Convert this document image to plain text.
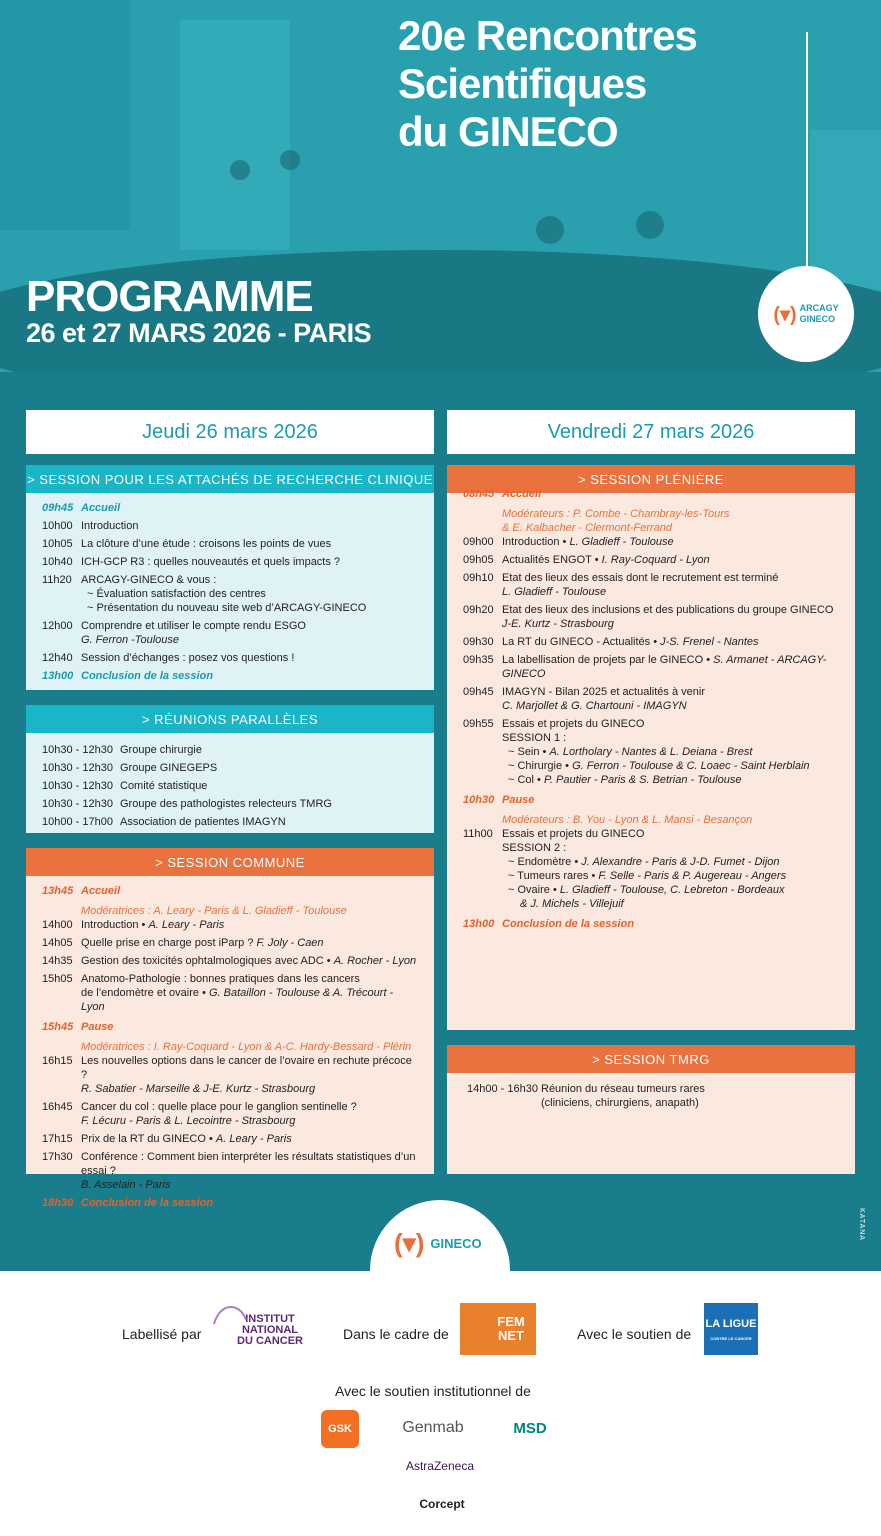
20e Rencontres
Scientifiques
du GINECO
PROGRAMME
26 et 27 MARS 2026 - PARIS
(▾) ARCAGY
GINECO
Jeudi 26 mars 2026
> SESSION POUR LES ATTACHÉS DE RECHERCHE CLINIQUE
09h45 Accueil
10h00 Introduction
10h05 La clôture d’une étude : croisons les points de vues
10h40 ICH-GCP R3 : quelles nouveautés et quels impacts ?
11h20 ARCAGY-GINECO & vous :
~ Évaluation satisfaction des centres
~ Présentation du nouveau site web d’ARCAGY-GINECO
12h00 Comprendre et utiliser le compte rendu ESGO
G. Ferron -Toulouse
12h40 Session d’échanges : posez vos questions !
13h00 Conclusion de la session
> RÉUNIONS PARALLÈLES
10h30 - 12h30 Groupe chirurgie
10h30 - 12h30 Groupe GINEGEPS
10h30 - 12h30 Comité statistique
10h30 - 12h30 Groupe des pathologistes relecteurs TMRG
10h00 - 17h00 Association de patientes IMAGYN
> SESSION COMMUNE
13h45 Accueil
Modératrices : A. Leary - Paris & L. Gladieff - Toulouse
14h00 Introduction • A. Leary - Paris
14h05 Quelle prise en charge post iParp ? F. Joly - Caen
14h35 Gestion des toxicités ophtalmologiques avec ADC • A. Rocher - Lyon
15h05 Anatomo-Pathologie : bonnes pratiques dans les cancers
de l’endomètre et ovaire • G. Bataillon - Toulouse & A. Trécourt - Lyon
15h45 Pause
Modératrices : I. Ray-Coquard - Lyon & A-C. Hardy-Bessard - Plérin
16h15 Les nouvelles options dans le cancer de l’ovaire en rechute précoce ?
R. Sabatier - Marseille & J-E. Kurtz - Strasbourg
16h45 Cancer du col : quelle place pour le ganglion sentinelle ?
F. Lécuru - Paris & L. Lecointre - Strasbourg
17h15 Prix de la RT du GINECO • A. Leary - Paris
17h30 Conférence : Comment bien interpréter les résultats statistiques d’un essai ?
B. Asselain - Paris
18h30 Conclusion de la session
Vendredi 27 mars 2026
> SESSION PLÉNIÈRE
08h45 Accueil
Modérateurs : P. Combe - Chambray-les-Tours
& E. Kalbacher - Clermont-Ferrand
09h00 Introduction • L. Gladieff - Toulouse
09h05 Actualités ENGOT • I. Ray-Coquard - Lyon
09h10 Etat des lieux des essais dont le recrutement est terminé
L. Gladieff - Toulouse
09h20 Etat des lieux des inclusions et des publications du groupe GINECO
J-E. Kurtz - Strasbourg
09h30 La RT du GINECO - Actualités • J-S. Frenel - Nantes
09h35 La labellisation de projets par le GINECO • S. Armanet - ARCAGY-GINECO
09h45 IMAGYN - Bilan 2025 et actualités à venir
C. Marjollet & G. Chartouni - IMAGYN
09h55 Essais et projets du GINECO
SESSION 1 :
~ Sein • A. Lortholary - Nantes & L. Deiana - Brest
~ Chirurgie • G. Ferron - Toulouse & C. Loaec - Saint Herblain
~ Col • P. Pautier - Paris & S. Betrian - Toulouse
10h30 Pause
Modérateurs : B. You - Lyon & L. Mansi - Besançon
11h00 Essais et projets du GINECO
SESSION 2 :
~ Endomètre • J. Alexandre - Paris & J-D. Fumet - Dijon
~ Tumeurs rares • F. Selle - Paris & P. Augereau - Angers
~ Ovaire • L. Gladieff - Toulouse, C. Lebreton - Bordeaux
& J. Michels - Villejuif
13h00 Conclusion de la session
> SESSION TMRG
14h00 - 16h30 Réunion du réseau tumeurs rares
(cliniciens, chirurgiens, anapath)
KATANA
(▾) GINECO
Labellisé par
INSTITUT
NATIONAL
DU CANCER	Dans le cadre de
FEM
NET	Avec le soutien de
LA LIGUE
CONTRE LE CANCER
Avec le soutien institutionnel de
GSK	Genmab	MSD
AstraZeneca
Corcept
